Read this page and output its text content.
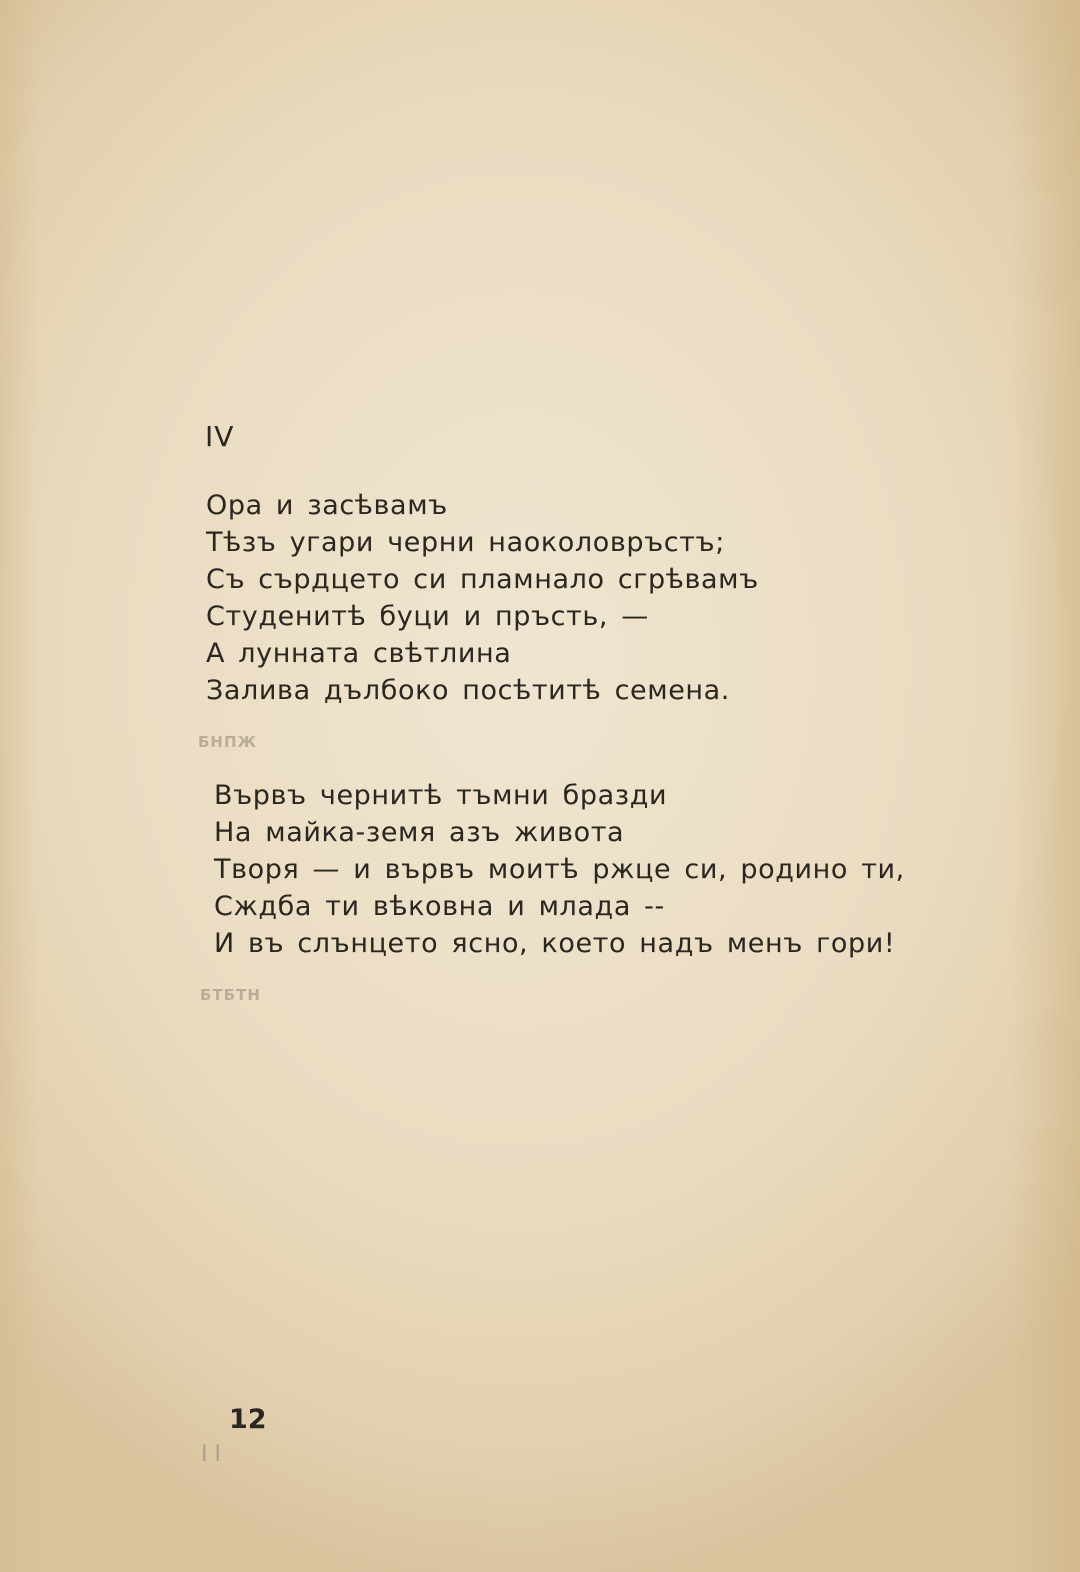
IV
Ора и засѣвамъ
Тѣзъ угари черни наоколовръстъ;
Съ сърдцето си пламнало сгрѣвамъ
Студенитѣ буци и пръсть, —
А лунната свѣтлина
Залива дълбоко посѣтитѣ семена.
БНПЖ
Вървъ чернитѣ тъмни бразди
На майка-земя азъ живота
Творя — и вървъ моитѣ ржце си, родино ти,
Сждба ти вѣковна и млада --
И въ слънцето ясно, което надъ менъ гори!
БТБТН
12
I I
